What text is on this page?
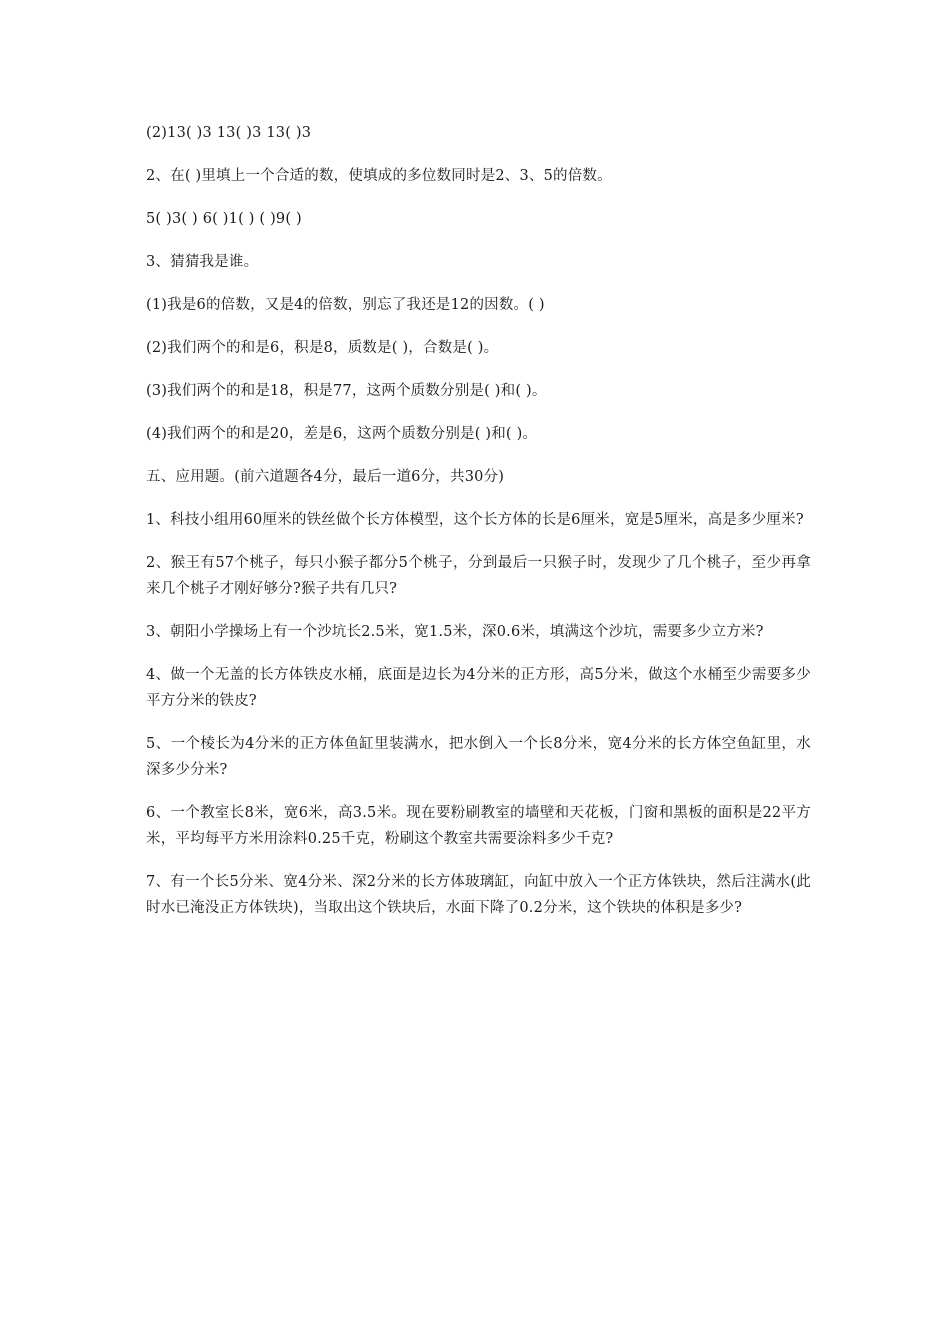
(2)13( )3 13( )3 13( )3

2、在( )里填上一个合适的数，使填成的多位数同时是2、3、5的倍数。

5( )3( ) 6( )1( ) ( )9( )

3、猜猜我是谁。

(1)我是6的倍数，又是4的倍数，别忘了我还是12的因数。( )

(2)我们两个的和是6，积是8，质数是( )，合数是( )。

(3)我们两个的和是18，积是77，这两个质数分别是( )和( )。

(4)我们两个的和是20，差是6，这两个质数分别是( )和( )。

五、应用题。(前六道题各4分，最后一道6分，共30分)

1、科技小组用60厘米的铁丝做个长方体模型，这个长方体的长是6厘米，宽是5厘米，高是多少厘米?

2、猴王有57个桃子，每只小猴子都分5个桃子，分到最后一只猴子时，发现少了几个桃子，至少再拿来几个桃子才刚好够分?猴子共有几只?

3、朝阳小学操场上有一个沙坑长2.5米，宽1.5米，深0.6米，填满这个沙坑，需要多少立方米?

4、做一个无盖的长方体铁皮水桶，底面是边长为4分米的正方形，高5分米，做这个水桶至少需要多少平方分米的铁皮?

5、一个棱长为4分米的正方体鱼缸里装满水，把水倒入一个长8分米，宽4分米的长方体空鱼缸里，水深多少分米?

6、一个教室长8米，宽6米，高3.5米。现在要粉刷教室的墙壁和天花板，门窗和黑板的面积是22平方米，平均每平方米用涂料0.25千克，粉刷这个教室共需要涂料多少千克?

7、有一个长5分米、宽4分米、深2分米的长方体玻璃缸，向缸中放入一个正方体铁块，然后注满水(此时水已淹没正方体铁块)，当取出这个铁块后，水面下降了0.2分米，这个铁块的体积是多少?
